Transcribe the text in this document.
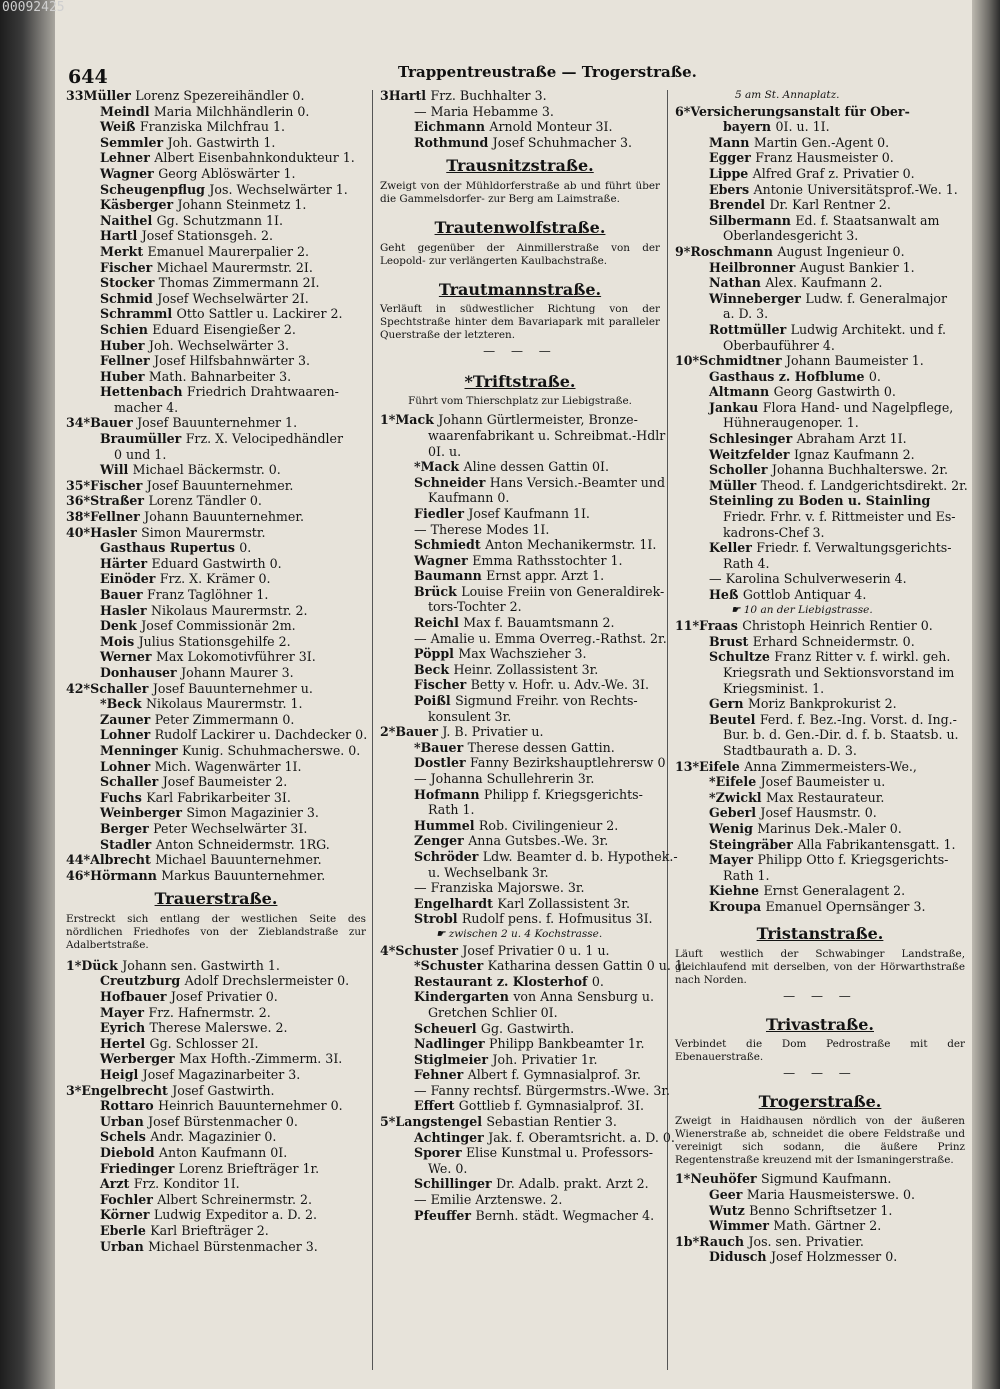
00092425
644	Trappentreustraße — Trogerstraße.
33Müller Lorenz Spezereihändler 0.
Meindl Maria Milchhändlerin 0.
Weiß Franziska Milchfrau 1.
Semmler Joh. Gastwirth 1.
Lehner Albert Eisenbahnkondukteur 1.
Wagner Georg Ablöswärter 1.
Scheugenpflug Jos. Wechselwärter 1.
Käsberger Johann Steinmetz 1.
Naithel Gg. Schutzmann 1I.
Hartl Josef Stationsgeh. 2.
Merkt Emanuel Maurerpalier 2.
Fischer Michael Maurermstr. 2I.
Stocker Thomas Zimmermann 2I.
Schmid Josef Wechselwärter 2I.
Schramml Otto Sattler u. Lackirer 2.
Schien Eduard Eisengießer 2.
Huber Joh. Wechselwärter 3.
Fellner Josef Hilfsbahnwärter 3.
Huber Math. Bahnarbeiter 3.
Hettenbach Friedrich Drahtwaaren-
macher 4.
34*Bauer Josef Bauunternehmer 1.
Braumüller Frz. X. Velocipedhändler
0 und 1.
Will Michael Bäckermstr. 0.
35*Fischer Josef Bauunternehmer.
36*Straßer Lorenz Tändler 0.
38*Fellner Johann Bauunternehmer.
40*Hasler Simon Maurermstr.
Gasthaus Rupertus 0.
Härter Eduard Gastwirth 0.
Einöder Frz. X. Krämer 0.
Bauer Franz Taglöhner 1.
Hasler Nikolaus Maurermstr. 2.
Denk Josef Commissionär 2m.
Mois Julius Stationsgehilfe 2.
Werner Max Lokomotivführer 3I.
Donhauser Johann Maurer 3.
42*Schaller Josef Bauunternehmer u.
*Beck Nikolaus Maurermstr. 1.
Zauner Peter Zimmermann 0.
Lohner Rudolf Lackirer u. Dachdecker 0.
Menninger Kunig. Schuhmacherswe. 0.
Lohner Mich. Wagenwärter 1I.
Schaller Josef Baumeister 2.
Fuchs Karl Fabrikarbeiter 3I.
Weinberger Simon Magazinier 3.
Berger Peter Wechselwärter 3I.
Stadler Anton Schneidermstr. 1RG.
44*Albrecht Michael Bauunternehmer.
46*Hörmann Markus Bauunternehmer.
Trauerstraße.
Erstreckt sich entlang der westlichen Seite des nördlichen Friedhofes von der Zieblandstraße zur Adalbertstraße.
1*Dück Johann sen. Gastwirth 1.
Creutzburg Adolf Drechslermeister 0.
Hofbauer Josef Privatier 0.
Mayer Frz. Hafnermstr. 2.
Eyrich Therese Malerswe. 2.
Hertel Gg. Schlosser 2I.
Werberger Max Hofth.-Zimmerm. 3I.
Heigl Josef Magazinarbeiter 3.
3*Engelbrecht Josef Gastwirth.
Rottaro Heinrich Bauunternehmer 0.
Urban Josef Bürstenmacher 0.
Schels Andr. Magazinier 0.
Diebold Anton Kaufmann 0I.
Friedinger Lorenz Briefträger 1r.
Arzt Frz. Konditor 1I.
Fochler Albert Schreinermstr. 2.
Körner Ludwig Expeditor a. D. 2.
Eberle Karl Briefträger 2.
Urban Michael Bürstenmacher 3.
3Hartl Frz. Buchhalter 3.
— Maria Hebamme 3.
Eichmann Arnold Monteur 3I.
Rothmund Josef Schuhmacher 3.
Trausnitzstraße.
Zweigt von der Mühldorferstraße ab und führt über die Gammelsdorfer- zur Berg am Laimstraße.
Trautenwolfstraße.
Geht gegenüber der Ainmillerstraße von der Leopold- zur verlängerten Kaulbachstraße.
Trautmannstraße.
Verläuft in südwestlicher Richtung von der Spechtstraße hinter dem Bavariapark mit paralleler Querstraße der letzteren.
— — —
*Triftstraße.
Führt vom Thierschplatz zur Liebigstraße.
1*Mack Johann Gürtlermeister, Bronze-
waarenfabrikant u. Schreibmat.-Hdlr
0I. u.
*Mack Aline dessen Gattin 0I.
Schneider Hans Versich.-Beamter und
Kaufmann 0.
Fiedler Josef Kaufmann 1I.
— Therese Modes 1I.
Schmiedt Anton Mechanikermstr. 1I.
Wagner Emma Rathsstochter 1.
Baumann Ernst appr. Arzt 1.
Brück Louise Freiin von Generaldirek-
tors-Tochter 2.
Reichl Max f. Bauamtsmann 2.
— Amalie u. Emma Overreg.-Rathst. 2r.
Pöppl Max Wachszieher 3.
Beck Heinr. Zollassistent 3r.
Fischer Betty v. Hofr. u. Adv.-We. 3I.
Poißl Sigmund Freihr. von Rechts-
konsulent 3r.
2*Bauer J. B. Privatier u.
*Bauer Therese dessen Gattin.
Dostler Fanny Bezirkshauptlehrersw 0
— Johanna Schullehrerin 3r.
Hofmann Philipp f. Kriegsgerichts-
Rath 1.
Hummel Rob. Civilingenieur 2.
Zenger Anna Gutsbes.-We. 3r.
Schröder Ldw. Beamter d. b. Hypothek.-
u. Wechselbank 3r.
— Franziska Majorswe. 3r.
Engelhardt Karl Zollassistent 3r.
Strobl Rudolf pens. f. Hofmusitus 3I.
☛ zwischen 2 u. 4 Kochstrasse.
4*Schuster Josef Privatier 0 u. 1 u.
*Schuster Katharina dessen Gattin 0 u. 1.
Restaurant z. Klosterhof 0.
Kindergarten von Anna Sensburg u.
Gretchen Schlier 0I.
Scheuerl Gg. Gastwirth.
Nadlinger Philipp Bankbeamter 1r.
Stiglmeier Joh. Privatier 1r.
Fehner Albert f. Gymnasialprof. 3r.
— Fanny rechtsf. Bürgermstrs.-Wwe. 3r.
Effert Gottlieb f. Gymnasialprof. 3I.
5*Langstengel Sebastian Rentier 3.
Achtinger Jak. f. Oberamtsricht. a. D. 0.
Sporer Elise Kunstmal u. Professors-
We. 0.
Schillinger Dr. Adalb. prakt. Arzt 2.
— Emilie Arztenswe. 2.
Pfeuffer Bernh. städt. Wegmacher 4.
5 am St. Annaplatz.
6*Versicherungsanstalt für Ober-
bayern 0I. u. 1I.
Mann Martin Gen.-Agent 0.
Egger Franz Hausmeister 0.
Lippe Alfred Graf z. Privatier 0.
Ebers Antonie Universitätsprof.-We. 1.
Brendel Dr. Karl Rentner 2.
Silbermann Ed. f. Staatsanwalt am
Oberlandesgericht 3.
9*Roschmann August Ingenieur 0.
Heilbronner August Bankier 1.
Nathan Alex. Kaufmann 2.
Winneberger Ludw. f. Generalmajor
a. D. 3.
Rottmüller Ludwig Architekt. und f.
Oberbauführer 4.
10*Schmidtner Johann Baumeister 1.
Gasthaus z. Hofblume 0.
Altmann Georg Gastwirth 0.
Jankau Flora Hand- und Nagelpflege,
Hühneraugenoper. 1.
Schlesinger Abraham Arzt 1I.
Weitzfelder Ignaz Kaufmann 2.
Scholler Johanna Buchhalterswe. 2r.
Müller Theod. f. Landgerichtsdirekt. 2r.
Steinling zu Boden u. Stainling
Friedr. Frhr. v. f. Rittmeister und Es-
kadrons-Chef 3.
Keller Friedr. f. Verwaltungsgerichts-
Rath 4.
— Karolina Schulverweserin 4.
Heß Gottlob Antiquar 4.
☛ 10 an der Liebigstrasse.
11*Fraas Christoph Heinrich Rentier 0.
Brust Erhard Schneidermstr. 0.
Schultze Franz Ritter v. f. wirkl. geh.
Kriegsrath und Sektionsvorstand im
Kriegsminist. 1.
Gern Moriz Bankprokurist 2.
Beutel Ferd. f. Bez.-Ing. Vorst. d. Ing.-
Bur. b. d. Gen.-Dir. d. f. b. Staatsb. u.
Stadtbaurath a. D. 3.
13*Eifele Anna Zimmermeisters-We.,
*Eifele Josef Baumeister u.
*Zwickl Max Restaurateur.
Geberl Josef Hausmstr. 0.
Wenig Marinus Dek.-Maler 0.
Steingräber Alla Fabrikantensgatt. 1.
Mayer Philipp Otto f. Kriegsgerichts-
Rath 1.
Kiehne Ernst Generalagent 2.
Kroupa Emanuel Opernsänger 3.
Tristanstraße.
Läuft westlich der Schwabinger Landstraße, gleichlaufend mit derselben, von der Hörwarthstraße nach Norden.
— — —
Trivastraße.
Verbindet die Dom Pedrostraße mit der Ebenauerstraße.
— — —
Trogerstraße.
Zweigt in Haidhausen nördlich von der äußeren Wienerstraße ab, schneidet die obere Feldstraße und vereinigt sich sodann, die äußere Prinz Regentenstraße kreuzend mit der Ismaningerstraße.
1*Neuhöfer Sigmund Kaufmann.
Geer Maria Hausmeisterswe. 0.
Wutz Benno Schriftsetzer 1.
Wimmer Math. Gärtner 2.
1b*Rauch Jos. sen. Privatier.
Didusch Josef Holzmesser 0.
